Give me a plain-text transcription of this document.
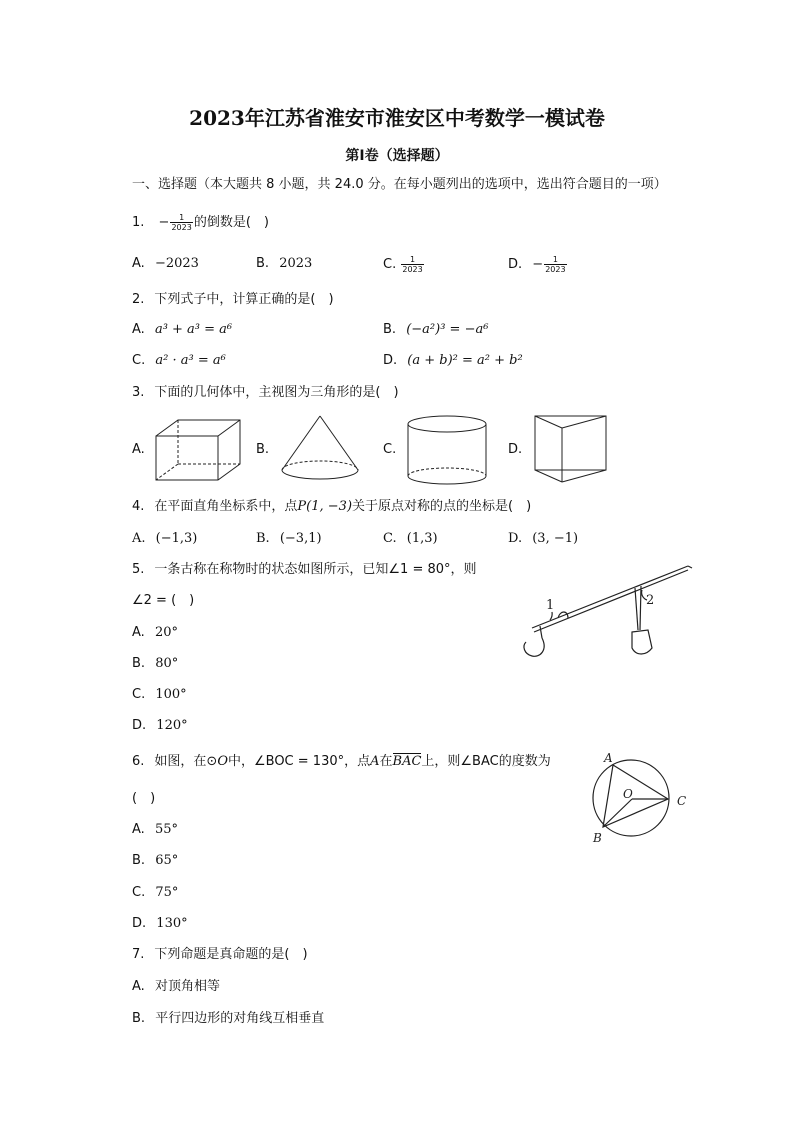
2023年江苏省淮安市淮安区中考数学一模试卷
第Ⅰ卷（选择题）
一、选择题（本大题共 8 小题，共 24.0 分。在每小题列出的选项中，选出符合题目的一项）
1. − $\frac{1}{2023}$ 的倒数是(　)
A. −2023	B. 2023	C. $\frac{1}{2023}$	D. − $\frac{1}{2023}$
2. 下列式子中，计算正确的是(　)
A. a³ + a³ = a⁶	B. (−a²)³ = −a⁶
C. a² · a³ = a⁶	D. (a + b)² = a² + b²
3. 下面的几何体中，主视图为三角形的是(　)
A.	B.	C.	D.
4. 在平面直角坐标系中，点P(1, −3)关于原点对称的点的坐标是(　)
A. (−1,3)	B. (−3,1)	C. (1,3)	D. (3, −1)
5. 一条古称在称物时的状态如图所示，已知∠1 = 80°，则
∠2 = (　)
A. 20°
B. 80°
C. 100°
D. 120°
1	2
6. 如图，在⊙O中，∠BOC = 130°，点A在BAC上，则∠BAC的度数为
(　)
A. 55°
B. 65°
C. 75°
D. 130°
A
B
C
O
7. 下列命题是真命题的是(　)
A. 对顶角相等
B. 平行四边形的对角线互相垂直
